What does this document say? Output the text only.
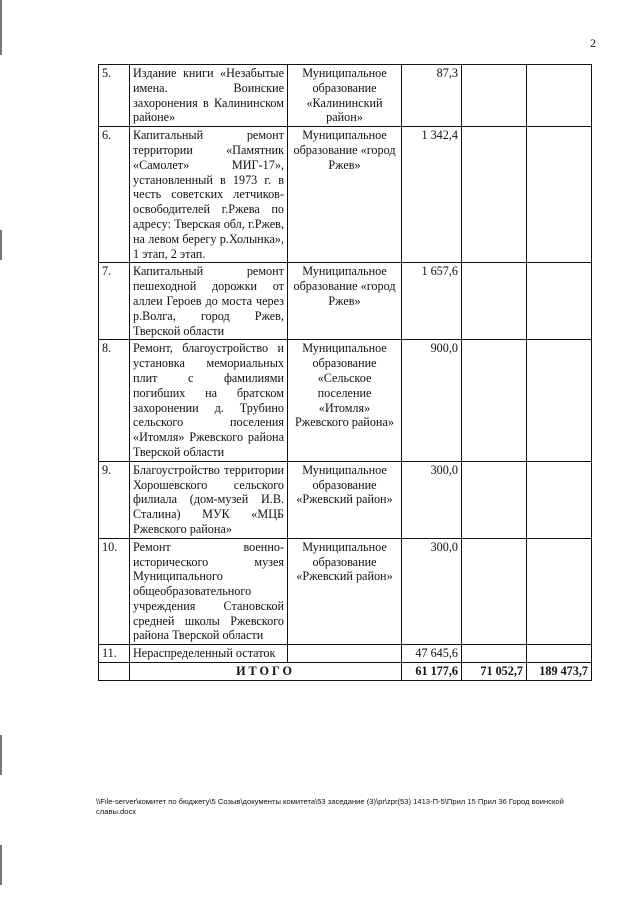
2
5.	Издание книги «Незабытые имена. Воинские захоронения в Калининском районе»	Муниципальное образование «Калининский район»	87,3		
6.	Капитальный ремонт территории «Памятник «Самолет» МИГ-17», установленный в 1973 г. в честь советских летчиков-освободителей г.Ржева по адресу: Тверская обл, г.Ржев, на левом берегу р.Холынка», 1 этап, 2 этап.	Муниципальное образование «город Ржев»	1 342,4		
7.	Капитальный ремонт пешеходной дорожки от аллеи Героев до моста через р.Волга, город Ржев, Тверской области	Муниципальное образование «город Ржев»	1 657,6		
8.	Ремонт, благоустройство и установка мемориальных плит с фамилиями погибших на братском захоронении д. Трубино сельского поселения «Итомля» Ржевского района Тверской области	Муниципальное образование «Сельское поселение «Итомля» Ржевского района»	900,0		
9.	Благоустройство территории Хорошевского сельского филиала (дом-музей И.В. Сталина) МУК «МЦБ Ржевского района»	Муниципальное образование «Ржевский район»	300,0		
10.	Ремонт военно-исторического музея Муниципального общеобразовательного учреждения Становской средней школы Ржевского района Тверской области	Муниципальное образование «Ржевский район»	300,0		
11.	Нераспределенный остаток		47 645,6		
	ИТОГО		61 177,6	71 052,7	189 473,7
\\File-server\комитет по бюджету\5 Созыв\документы комитета\53 заседание (3)\pr\zpr(53) 1413-П-5\Прил 15 Прил 36 Город воинской славы.docx
